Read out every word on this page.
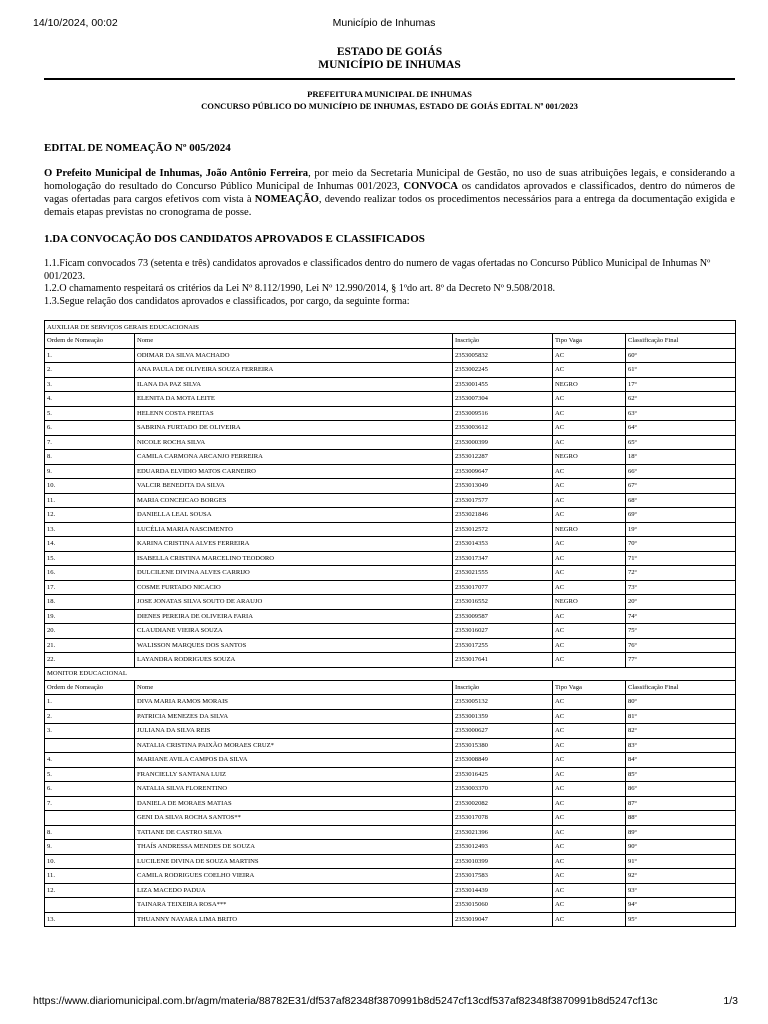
14/10/2024, 00:02	Município de Inhumas
ESTADO DE GOIÁS
MUNICÍPIO DE INHUMAS
PREFEITURA MUNICIPAL DE INHUMAS
CONCURSO PÚBLICO DO MUNICÍPIO DE INHUMAS, ESTADO DE GOIÁS EDITAL Nº 001/2023
EDITAL DE NOMEAÇÃO Nº 005/2024
O Prefeito Municipal de Inhumas, João Antônio Ferreira, por meio da Secretaria Municipal de Gestão, no uso de suas atribuições legais, e considerando a homologação do resultado do Concurso Público Municipal de Inhumas 001/2023, CONVOCA os candidatos aprovados e classificados, dentro do números de vagas ofertadas para cargos efetivos com vista à NOMEAÇÃO, devendo realizar todos os procedimentos necessários para a entrega da documentação exigida e demais etapas previstas no cronograma de posse.
1.DA CONVOCAÇÃO DOS CANDIDATOS APROVADOS E CLASSIFICADOS
1.1.Ficam convocados 73 (setenta e três) candidatos aprovados e classificados dentro do numero de vagas ofertadas no Concurso Público Municipal de Inhumas Nº 001/2023.
1.2.O chamamento respeitará os critérios da Lei Nº 8.112/1990, Lei Nº 12.990/2014, § 1ºdo art. 8º da Decreto Nº 9.508/2018.
1.3.Segue relação dos candidatos aprovados e classificados, por cargo, da seguinte forma:
AUXILIAR DE SERVIÇOS GERAIS EDUCACIONAIS				
Ordem de Nomeação	Nome	Inscrição	Tipo Vaga	Classificação Final
1.	ODIMAR DA SILVA MACHADO	2353005832	AC	60º
2.	ANA PAULA DE OLIVEIRA SOUZA FERREIRA	2353002245	AC	61º
3.	ILANA DA PAZ SILVA	2353001455	NEGRO	17º
4.	ELENITA DA MOTA LEITE	2353007304	AC	62º
5.	HELENN COSTA FREITAS	2353009516	AC	63º
6.	SABRINA FURTADO DE OLIVEIRA	2353003612	AC	64º
7.	NICOLE ROCHA SILVA	2353000399	AC	65º
8.	CAMILA CARMONA ARCANJO FERREIRA	2353012287	NEGRO	18º
9.	EDUARDA ELVIDIO MATOS CARNEIRO	2353009647	AC	66º
10.	VALCIR BENEDITA DA SILVA	2353013049	AC	67º
11.	MARIA CONCEICAO BORGES	2353017577	AC	68º
12.	DANIELLA LEAL SOUSA	2353021846	AC	69º
13.	LUCÉLIA MARIA NASCIMENTO	2353012572	NEGRO	19º
14.	KARINA CRISTINA ALVES FERREIRA	2353014353	AC	70º
15.	ISABELLA CRISTINA MARCELINO TEODORO	2353017347	AC	71º
16.	DULCILENE DIVINA ALVES CARRIJO	2353021555	AC	72º
17.	COSME FURTADO NICACIO	2353017077	AC	73º
18.	JOSE JONATAS SILVA SOUTO DE ARAUJO	2353016552	NEGRO	20º
19.	DIENES PEREIRA DE OLIVEIRA FARIA	2353009587	AC	74º
20.	CLAUDIANE VIEIRA SOUZA	2353016027	AC	75º
21.	WALISSON MARQUES DOS SANTOS	2353017255	AC	76º
22.	LAYANDRA RODRIGUES SOUZA	2353017641	AC	77º
MONITOR EDUCACIONAL				
Ordem de Nomeação	Nome	Inscrição	Tipo Vaga	Classificação Final
1.	DIVA MARIA RAMOS MORAIS	2353005132	AC	80º
2.	PATRICIA MENEZES DA SILVA	2353001359	AC	81º
3.	JULIANA DA SILVA REIS	2353000627	AC	82º
	NATALIA CRISTINA PAIXÃO MORAES CRUZ*	2353015380	AC	83º
4.	MARIANE AVILA CAMPOS DA SILVA	2353008849	AC	84º
5.	FRANCIELLY SANTANA LUIZ	2353016425	AC	85º
6.	NATALIA SILVA FLORENTINO	2353003370	AC	86º
7.	DANIELA DE MORAES MATIAS	2353002082	AC	87º
	GENI DA SILVA ROCHA SANTOS**	2353017078	AC	88º
8.	TATIANE DE CASTRO SILVA	2353021396	AC	89º
9.	THAÍS ANDRESSA MENDES DE SOUZA	2353012493	AC	90º
10.	LUCILENE DIVINA DE SOUZA MARTINS	2353010399	AC	91º
11.	CAMILA RODRIGUES COELHO VIEIRA	2353017583	AC	92º
12.	LIZA MACEDO PADUA	2353014439	AC	93º
	TAINARA TEIXEIRA ROSA***	2353015060	AC	94º
13.	THUANNY NAYARA LIMA BRITO	2353019047	AC	95º
https://www.diariomunicipal.com.br/agm/materia/88782E31/df537af82348f3870991b8d5247cf13cdf537af82348f3870991b8d5247cf13c	1/3
